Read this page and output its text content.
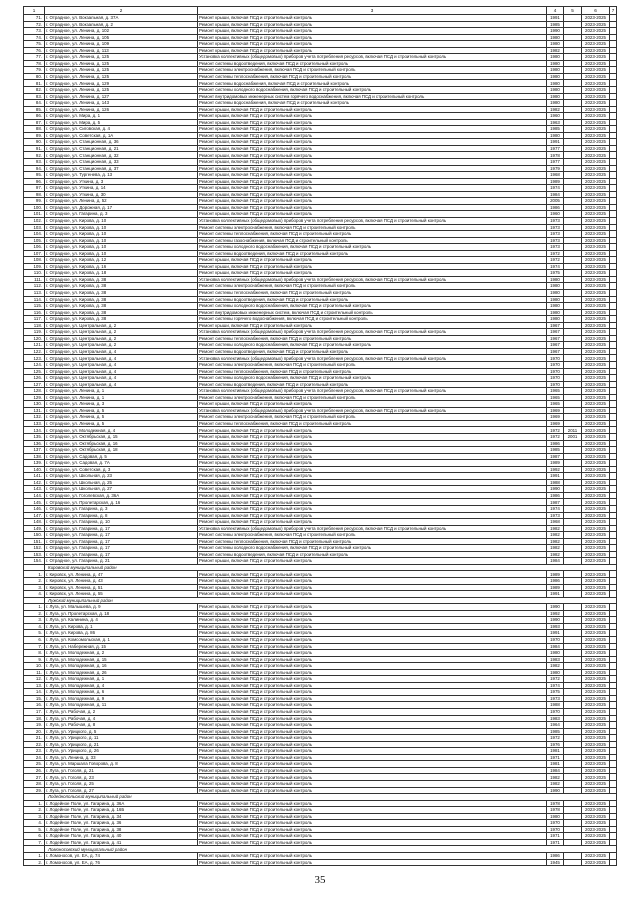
1	2	3	4	5	6	7
71.	г. Отрадное, ул. Вокзальная, д. 37А	Ремонт крыши, включая ПСД и строительный контроль	1991		2023-2025	
72.	г. Отрадное, ул. Вокзальная, д. 2	Ремонт крыши, включая ПСД и строительный контроль	1985		2023-2025	
73.	г. Отрадное, ул. Ленина, д. 102	Ремонт крыши, включая ПСД и строительный контроль	1990		2023-2025	
74.	г. Отрадное, ул. Ленина, д. 105	Ремонт крыши, включая ПСД и строительный контроль	1980		2023-2025	
75.	г. Отрадное, ул. Ленина, д. 109	Ремонт крыши, включая ПСД и строительный контроль	1980		2023-2025	
76.	г. Отрадное, ул. Ленина, д. 113	Ремонт крыши, включая ПСД и строительный контроль	1982		2023-2025	
77.	г. Отрадное, ул. Ленина, д. 125	Установка коллективных (общедомовых) приборов учета потребления ресурсов, включая ПСД и строительный контроль	1980		2023-2025	
78.	г. Отрадное, ул. Ленина, д. 125	Ремонт системы водоотведения, включая ПСД и строительный контроль	1980		2023-2025	
79.	г. Отрадное, ул. Ленина, д. 125	Ремонт системы электроснабжения, включая ПСД и строительный контроль	1980		2023-2025	
80.	г. Отрадное, ул. Ленина, д. 125	Ремонт системы теплоснабжения, включая ПСД и строительный контроль	1980		2023-2025	
81.	г. Отрадное, ул. Ленина, д. 129	Ремонт системы водоснабжения, включая ПСД и строительный контроль	1980		2023-2025	
82.	г. Отрадное, ул. Ленина, д. 125	Ремонт системы холодного водоснабжения, включая ПСД и строительный контроль	1980		2023-2025	
83.	г. Отрадное, ул. Ленина, д. 127	Ремонт внутридомовых инженерных систем горячего водоснабжения, включая ПСД и строительный контроль	1980		2023-2025	
84.	г. Отрадное, ул. Ленина, д. 143	Ремонт системы водоснабжения, включая ПСД и строительный контроль	1980		2023-2025	
85.	г. Отрадное, ул. Ленина, д. 126	Ремонт крыши, включая ПСД и строительный контроль	1982		2023-2025	
86.	г. Отрадное, ул. Мира, д. 1	Ремонт крыши, включая ПСД и строительный контроль	1960		2023-2025	
87.	г. Отрадное, ул. Мира, д. 5	Ремонт крыши, включая ПСД и строительный контроль	1963		2023-2025	
88.	г. Отрадное, ул. Сиговская, д. 4	Ремонт крыши, включая ПСД и строительный контроль	1985		2023-2025	
89.	г. Отрадное, ул. Советская, д. 1А	Ремонт крыши, включая ПСД и строительный контроль	1980		2023-2025	
90.	г. Отрадное, ул. Станционная, д. 36	Ремонт крыши, включая ПСД и строительный контроль	1991		2023-2025	
91.	г. Отрадное, ул. Станционная, д. 21	Ремонт крыши, включая ПСД и строительный контроль	1977		2023-2025	
92.	г. Отрадное, ул. Станционная, д. 32	Ремонт крыши, включая ПСД и строительный контроль	1978		2023-2025	
93.	г. Отрадное, ул. Станционная, д. 33	Ремонт крыши, включая ПСД и строительный контроль	1977		2023-2025	
94.	г. Отрадное, ул. Станционная, д. 37	Ремонт крыши, включая ПСД и строительный контроль	1979		2023-2025	
95.	г. Отрадное, ул. Тургенева, д. 13	Ремонт крыши, включая ПСД и строительный контроль	1968		2023-2025	
96.	г. Отрадное, ул. Уткина, д. 3	Ремонт крыши, включая ПСД и строительный контроль	1989		2023-2025	
97.	г. Отрадное, ул. Уткина, д. 14	Ремонт крыши, включая ПСД и строительный контроль	1974		2023-2025	
98.	г. Отрадное, ул. Уткина, д. 30	Ремонт крыши, включая ПСД и строительный контроль	1984		2023-2025	
99.	г. Отрадное, ул. Ленина, д. 52	Ремонт крыши, включая ПСД и строительный контроль	2005		2023-2025	
100.	г. Отрадное, ул. Дорожная, д. 17	Ремонт крыши, включая ПСД и строительный контроль	1986		2023-2025	
101.	г. Отрадное, ул. Гагарина, д. 3	Ремонт крыши, включая ПСД и строительный контроль	1960		2023-2025	
102.	г. Отрадное, ул. Кирова, д. 10	Установка коллективных (общедомовых) приборов учета потребления ресурсов, включая ПСД и строительный контроль	1973		2023-2025	
103.	г. Отрадное, ул. Кирова, д. 10	Ремонт системы электроснабжения, включая ПСД и строительный контроль	1973		2023-2025	
104.	г. Отрадное, ул. Кирова, д. 10	Ремонт системы теплоснабжения, включая ПСД и строительный контроль	1973		2023-2025	
105.	г. Отрадное, ул. Кирова, д. 10	Ремонт системы газоснабжения, включая ПСД и строительный контроль	1973		2023-2025	
106.	г. Отрадное, ул. Кирова, д. 10	Ремонт системы холодного водоснабжения, включая ПСД и строительный контроль	1973		2023-2025	
107.	г. Отрадное, ул. Кирова, д. 10	Ремонт системы водоотведения, включая ПСД и строительный контроль	1972		2023-2025	
108.	г. Отрадное, ул. Кирова, д. 12	Ремонт крыши, включая ПСД и строительный контроль	1972		2023-2025	
109.	г. Отрадное, ул. Кирова, д. 16	Ремонт крыши, включая ПСД и строительный контроль	1974		2023-2025	
110.	г. Отрадное, ул. Кирова, д. 18	Ремонт крыши, включая ПСД и строительный контроль	1975		2023-2025	
111.	г. Отрадное, ул. Кирова, д. 38	Установка коллективных (общедомовых) приборов учета потребления ресурсов, включая ПСД и строительный контроль	1980		2023-2025	
112.	г. Отрадное, ул. Кирова, д. 38	Ремонт системы электроснабжения, включая ПСД и строительный контроль	1980		2023-2025	
113.	г. Отрадное, ул. Кирова, д. 38	Ремонт системы теплоснабжения, включая ПСД и строительный контроль	1980		2023-2025	
114.	г. Отрадное, ул. Кирова, д. 38	Ремонт системы водоотведения, включая ПСД и строительный контроль	1980		2023-2025	
115.	г. Отрадное, ул. Кирова, д. 38	Ремонт системы холодного водоснабжения, включая ПСД и строительный контроль	1980		2023-2025	
116.	г. Отрадное, ул. Кирова, д. 38	Ремонт внутридомовых инженерных систем, включая ПСД и строительный контроль	1980		2023-2025	
117.	г. Отрадное, ул. Кирова, д. 38	Ремонт системы горячего водоснабжения, включая ПСД и строительный контроль	1980		2023-2025	
118.	г. Отрадное, ул. Центральная, д. 2	Ремонт крыши, включая ПСД и строительный контроль	1967		2023-2025	
119.	г. Отрадное, ул. Центральная, д. 2	Установка коллективных (общедомовых) приборов учета потребления ресурсов, включая ПСД и строительный контроль	1967		2023-2025	
120.	г. Отрадное, ул. Центральная, д. 2	Ремонт системы теплоснабжения, включая ПСД и строительный контроль	1967		2023-2025	
121.	г. Отрадное, ул. Центральная, д. 2	Ремонт системы холодного водоснабжения, включая ПСД и строительный контроль	1967		2023-2025	
122.	г. Отрадное, ул. Центральная, д. 4	Ремонт системы водоотведения, включая ПСД и строительный контроль	1967		2023-2025	
123.	г. Отрадное, ул. Центральная, д. 4	Установка коллективных (общедомовых) приборов учета потребления ресурсов, включая ПСД и строительный контроль	1970		2023-2025	
124.	г. Отрадное, ул. Центральная, д. 4	Ремонт системы электроснабжения, включая ПСД и строительный контроль	1970		2023-2025	
125.	г. Отрадное, ул. Центральная, д. 4	Ремонт системы теплоснабжения, включая ПСД и строительный контроль	1970		2023-2025	
126.	г. Отрадное, ул. Центральная, д. 4	Ремонт системы холодного водоснабжения, включая ПСД и строительный контроль	1970		2023-2025	
127.	г. Отрадное, ул. Центральная, д. 4	Ремонт системы водоотведения, включая ПСД и строительный контроль	1970		2023-2025	
128.	г. Отрадное, ул. Ленина, д. 1	Установка коллективных (общедомовых) приборов учета потребления ресурсов, включая ПСД и строительный контроль	1965		2023-2025	
129.	г. Отрадное, ул. Ленина, д. 1	Ремонт системы электроснабжения, включая ПСД и строительный контроль	1965		2023-2025	
130.	г. Отрадное, ул. Ленина, д. 3	Ремонт крыши, включая ПСД и строительный контроль	1965		2023-2025	
131.	г. Отрадное, ул. Ленина, д. 5	Установка коллективных (общедомовых) приборов учета потребления ресурсов, включая ПСД и строительный контроль	1969		2023-2025	
132.	г. Отрадное, ул. Ленина, д. 5	Ремонт системы электроснабжения, включая ПСД и строительный контроль	1969		2023-2025	
133.	г. Отрадное, ул. Ленина, д. 5	Ремонт системы теплоснабжения, включая ПСД и строительный контроль	1969		2023-2025	
134.	г. Отрадное, ул. Молодежная, д. 4	Ремонт крыши, включая ПСД и строительный контроль	1972	2011	2023-2025	
135.	г. Отрадное, ул. Октябрьская, д. 15	Ремонт крыши, включая ПСД и строительный контроль	1972	2001	2023-2025	
136.	г. Отрадное, ул. Октябрьская, д. 16	Ремонт крыши, включая ПСД и строительный контроль	1986		2023-2025	
137.	г. Отрадное, ул. Октябрьская, д. 18	Ремонт крыши, включая ПСД и строительный контроль	1985		2023-2025	
138.	г. Отрадное, ул. Садовая, д. 5	Ремонт крыши, включая ПСД и строительный контроль	1987		2023-2025	
139.	г. Отрадное, ул. Садовая, д. 7А	Ремонт крыши, включая ПСД и строительный контроль	1989		2023-2025	
140.	г. Отрадное, ул. Советская, д. 3	Ремонт крыши, включая ПСД и строительный контроль	1992		2023-2025	
141.	г. Отрадное, ул. Школьная, д. 23	Ремонт крыши, включая ПСД и строительный контроль	1991		2023-2025	
142.	г. Отрадное, ул. Школьная, д. 25	Ремонт крыши, включая ПСД и строительный контроль	1988		2023-2025	
143.	г. Отрадное, ул. Школьная, д. 27	Ремонт крыши, включая ПСД и строительный контроль	1990		2023-2025	
144.	г. Отрадное, ул. Гоголевская, д. 36А	Ремонт крыши, включая ПСД и строительный контроль	1986		2023-2025	
145.	г. Отрадное, ул. Пролетарская, д. 16	Ремонт крыши, включая ПСД и строительный контроль	1987		2023-2025	
146.	г. Отрадное, ул. Гагарина, д. 3	Ремонт крыши, включая ПСД и строительный контроль	1974		2023-2025	
147.	г. Отрадное, ул. Гагарина, д. 8	Ремонт крыши, включая ПСД и строительный контроль	1973		2023-2025	
148.	г. Отрадное, ул. Гагарина, д. 10	Ремонт крыши, включая ПСД и строительный контроль	1968		2023-2025	
149.	г. Отрадное, ул. Гагарина, д. 17	Установка коллективных (общедомовых) приборов учета потребления ресурсов, включая ПСД и строительный контроль	1982		2023-2025	
150.	г. Отрадное, ул. Гагарина, д. 17	Ремонт системы электроснабжения, включая ПСД и строительный контроль	1982		2023-2025	
151.	г. Отрадное, ул. Гагарина, д. 17	Ремонт системы теплоснабжения, включая ПСД и строительный контроль	1982		2023-2025	
152.	г. Отрадное, ул. Гагарина, д. 17	Ремонт системы холодного водоснабжения, включая ПСД и строительный контроль	1982		2023-2025	
153.	г. Отрадное, ул. Гагарина, д. 17	Ремонт системы водоотведения, включая ПСД и строительный контроль	1982		2023-2025	
154.	г. Отрадное, ул. Гагарина, д. 21	Ремонт крыши, включая ПСД и строительный контроль	1984		2023-2025	
	Кировский муниципальный район					
1.	г. Кировск, ул. Ленина, д. 47	Ремонт крыши, включая ПСД и строительный контроль	1989		2023-2025	
2.	г. Кировск, ул. Ленина, д. 43	Ремонт крыши, включая ПСД и строительный контроль	1986		2023-2025	
3.	г. Кировск, ул. Ленина, д. 51	Ремонт крыши, включая ПСД и строительный контроль	1989		2023-2025	
4.	г. Кировск, ул. Ленина, д. 55	Ремонт крыши, включая ПСД и строительный контроль	1991		2023-2025	
	Лужский муниципальный район					
1.	г. Луга, ул. Малышева, д. 9	Ремонт крыши, включая ПСД и строительный контроль	1990		2023-2025	
2.	г. Луга, ул. Пролетарская, д. 18	Ремонт крыши, включая ПСД и строительный контроль	1992		2023-2025	
3.	г. Луга, ул. Калинина, д. 4	Ремонт крыши, включая ПСД и строительный контроль	1990		2023-2025	
4.	г. Луга, ул. Кирова, д. 1	Ремонт крыши, включая ПСД и строительный контроль	1993		2023-2025	
5.	г. Луга, ул. Кирова, д. 86	Ремонт крыши, включая ПСД и строительный контроль	1991		2023-2025	
6.	г. Луга, ул. Комсомольская, д. 1	Ремонт крыши, включая ПСД и строительный контроль	1970		2023-2025	
7.	г. Луга, ул. Набережная, д. 15	Ремонт крыши, включая ПСД и строительный контроль	1984		2023-2025	
8.	г. Луга, ул. Молодежная, д. 2	Ремонт крыши, включая ПСД и строительный контроль	1980		2023-2025	
9.	г. Луга, ул. Молодежная, д. 15	Ремонт крыши, включая ПСД и строительный контроль	1983		2023-2025	
10.	г. Луга, ул. Молодежная, д. 16	Ремонт крыши, включая ПСД и строительный контроль	1982		2023-2025	
11.	г. Луга, ул. Молодежная, д. 26	Ремонт крыши, включая ПСД и строительный контроль	1980		2023-2025	
12.	г. Луга, ул. Молодежная, д. 1	Ремонт крыши, включая ПСД и строительный контроль	1972		2023-2025	
13.	г. Луга, ул. Молодежная, д. 4	Ремонт крыши, включая ПСД и строительный контроль	1974		2023-2025	
14.	г. Луга, ул. Молодежная, д. 6	Ремонт крыши, включая ПСД и строительный контроль	1975		2023-2025	
15.	г. Луга, ул. Молодежная, д. 9	Ремонт крыши, включая ПСД и строительный контроль	1973		2023-2025	
16.	г. Луга, ул. Молодежная, д. 11	Ремонт крыши, включая ПСД и строительный контроль	1988		2023-2025	
17.	г. Луга, ул. Рабочая, д. 2	Ремонт крыши, включая ПСД и строительный контроль	1970		2023-2025	
18.	г. Луга, ул. Рабочая, д. 4	Ремонт крыши, включая ПСД и строительный контроль	1983		2023-2025	
19.	г. Луга, ул. Рабочая, д. 8	Ремонт крыши, включая ПСД и строительный контроль	1964		2023-2025	
20.	г. Луга, ул. Урицкого, д. 5	Ремонт крыши, включая ПСД и строительный контроль	1985		2023-2025	
21.	г. Луга, ул. Урицкого, д. 11	Ремонт крыши, включая ПСД и строительный контроль	1972		2023-2025	
22.	г. Луга, ул. Урицкого, д. 21	Ремонт крыши, включая ПСД и строительный контроль	1976		2023-2025	
23.	г. Луга, ул. Урицкого, д. 26	Ремонт крыши, включая ПСД и строительный контроль	1981		2023-2025	
24.	г. Луга, ул. Ленина, д. 33	Ремонт крыши, включая ПСД и строительный контроль	1971		2023-2025	
25.	г. Луга, ул. Маршала Говорова, д. 8	Ремонт крыши, включая ПСД и строительный контроль	1981		2023-2025	
26.	г. Луга, ул. Гоголя, д. 21	Ремонт крыши, включая ПСД и строительный контроль	1984		2023-2025	
27.	г. Луга, ул. Гоголя, д. 23	Ремонт крыши, включая ПСД и строительный контроль	1982		2023-2025	
28.	г. Луга, ул. Гоголя, д. 25	Ремонт крыши, включая ПСД и строительный контроль	1982		2023-2025	
29.	г. Луга, ул. Гоголя, д. 27	Ремонт крыши, включая ПСД и строительный контроль	1990		2023-2025	
	Лодейнопольский муниципальный район					
1.	г. Лодейное Поле, ул. Гагарина, д. 36А	Ремонт крыши, включая ПСД и строительный контроль	1978		2023-2025	
2.	г. Лодейное Поле, ул. Гагарина, д. 16Б	Ремонт крыши, включая ПСД и строительный контроль	1978		2023-2025	
3.	г. Лодейное Поле, ул. Гагарина, д. 34	Ремонт крыши, включая ПСД и строительный контроль	1980		2023-2025	
4.	г. Лодейное Поле, ул. Гагарина, д. 36	Ремонт крыши, включая ПСД и строительный контроль	1970		2023-2025	
5.	г. Лодейное Поле, ул. Гагарина, д. 38	Ремонт крыши, включая ПСД и строительный контроль	1970		2023-2025	
6.	г. Лодейное Поле, ул. Гагарина, д. 40	Ремонт крыши, включая ПСД и строительный контроль	1971		2023-2025	
7.	г. Лодейное Поле, ул. Гагарина, д. 41	Ремонт крыши, включая ПСД и строительный контроль	1971		2023-2025	
	Ломоносовский муниципальный район					
1.	г. Ломоносов, ул. ЕА, д. 74	Ремонт крыши, включая ПСД и строительный контроль	1986		2023-2025	
2.	г. Ломоносов, ул. ЕА, д. 76	Ремонт крыши, включая ПСД и строительный контроль	1945		2023-2025	
35
